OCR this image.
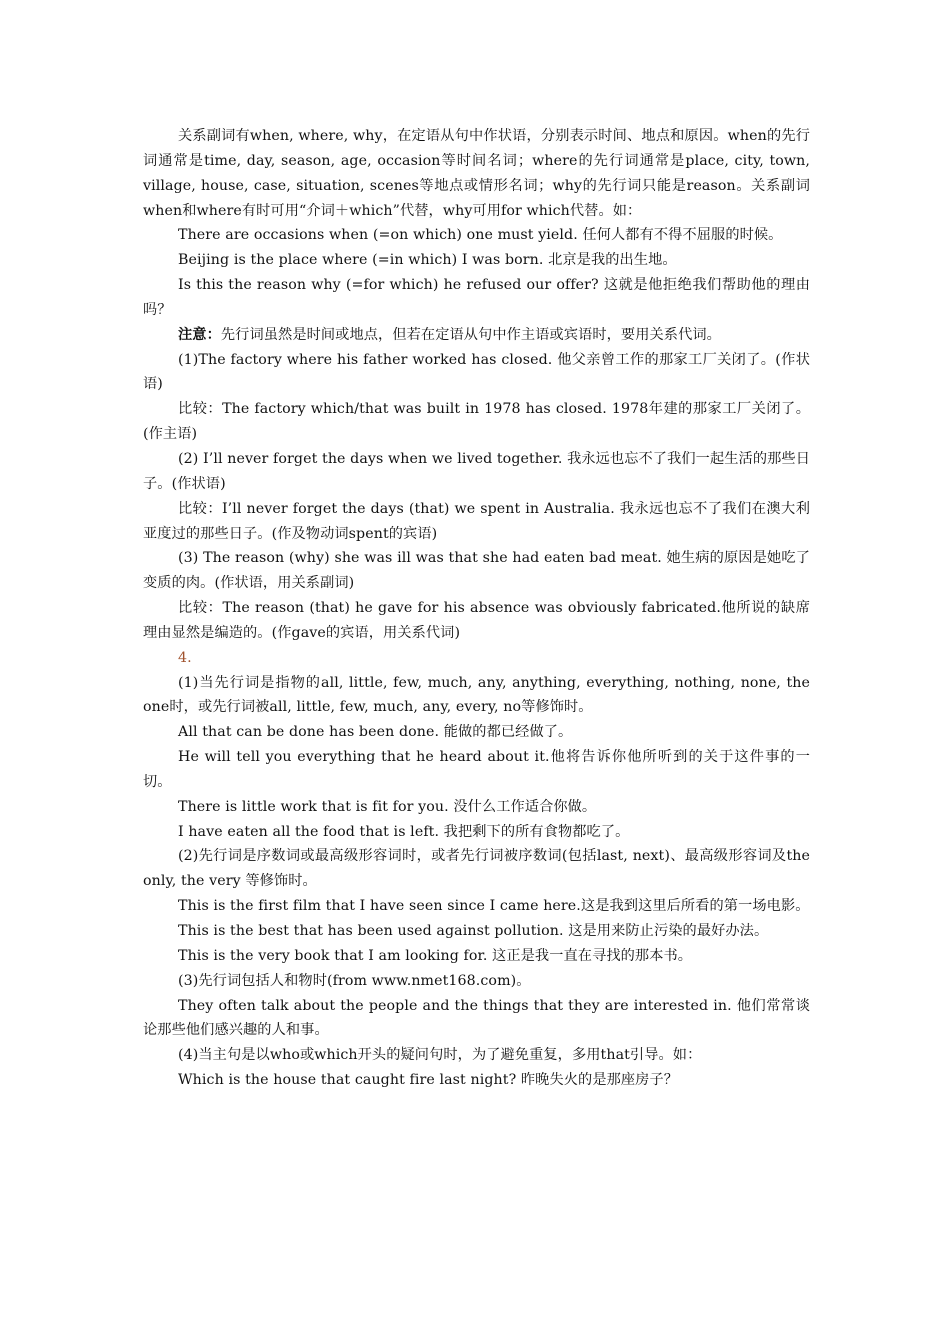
关系副词有when, where, why，在定语从句中作状语，分别表示时间、地点和原因。when的先行词通常是time, day, season, age, occasion等时间名词；where的先行词通常是place, city, town, village, house, case, situation, scenes等地点或情形名词；why的先行词只能是reason。关系副词when和where有时可用“介词＋which”代替，why可用for which代替。如：

There are occasions when (=on which) one must yield. 任何人都有不得不屈服的时候。

Beijing is the place where (=in which) I was born. 北京是我的出生地。

Is this the reason why (=for which) he refused our offer? 这就是他拒绝我们帮助他的理由吗？

注意：先行词虽然是时间或地点，但若在定语从句中作主语或宾语时，要用关系代词。

(1)The factory where his father worked has closed. 他父亲曾工作的那家工厂关闭了。(作状语)

比较：The factory which/that was built in 1978 has closed. 1978年建的那家工厂关闭了。(作主语)

(2) I’ll never forget the days when we lived together. 我永远也忘不了我们一起生活的那些日子。(作状语)

比较：I’ll never forget the days (that) we spent in Australia. 我永远也忘不了我们在澳大利亚度过的那些日子。(作及物动词spent的宾语)

(3) The reason (why) she was ill was that she had eaten bad meat. 她生病的原因是她吃了变质的肉。(作状语，用关系副词)

比较：The reason (that) he gave for his absence was obviously fabricated.他所说的缺席理由显然是编造的。(作gave的宾语，用关系代词)

4.

(1)当先行词是指物的all, little, few, much, any, anything, everything, nothing, none, the one时，或先行词被all, little, few, much, any, every, no等修饰时。

All that can be done has been done. 能做的都已经做了。

He will tell you everything that he heard about it.他将告诉你他所听到的关于这件事的一切。

There is little work that is fit for you. 没什么工作适合你做。

I have eaten all the food that is left. 我把剩下的所有食物都吃了。

(2)先行词是序数词或最高级形容词时，或者先行词被序数词(包括last, next)、最高级形容词及the only, the very 等修饰时。

This is the first film that I have seen since I came here.这是我到这里后所看的第一场电影。

This is the best that has been used against pollution. 这是用来防止污染的最好办法。

This is the very book that I am looking for. 这正是我一直在寻找的那本书。

(3)先行词包括人和物时(from www.nmet168.com)。

They often talk about the people and the things that they are interested in. 他们常常谈论那些他们感兴趣的人和事。

(4)当主句是以who或which开头的疑问句时，为了避免重复，多用that引导。如：

Which is the house that caught fire last night? 昨晚失火的是那座房子？
